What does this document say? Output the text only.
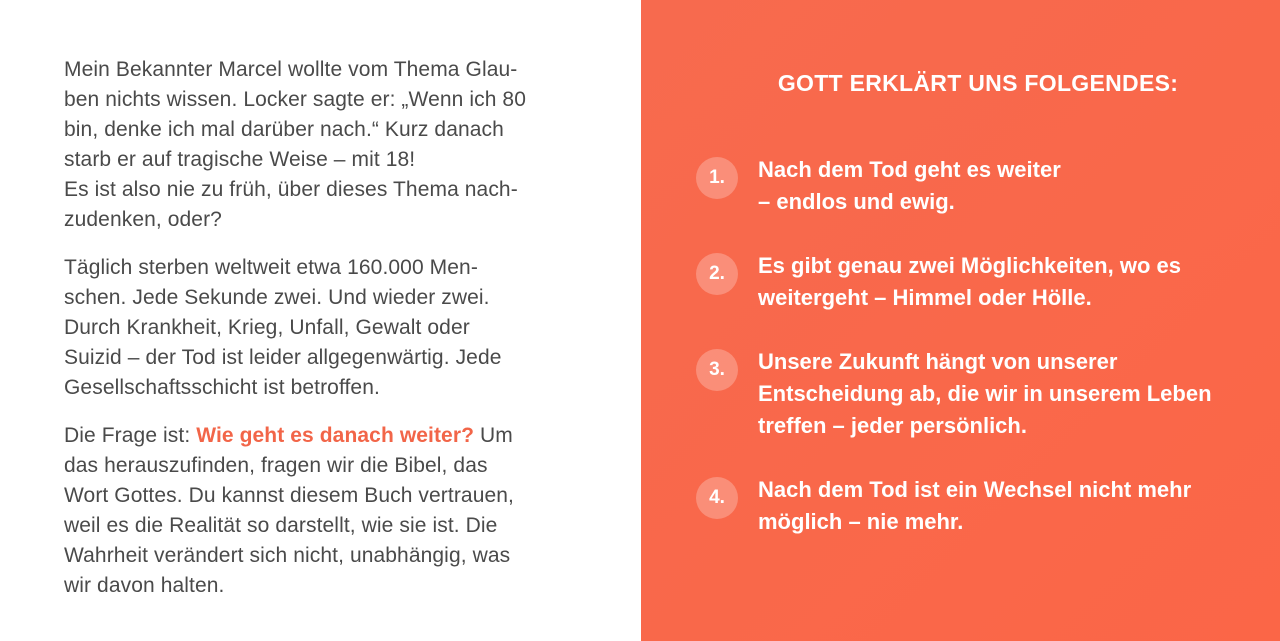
Mein Bekannter Marcel wollte vom Thema Glau-
ben nichts wissen. Locker sagte er: „Wenn ich 80
bin, denke ich mal darüber nach.“ Kurz danach
starb er auf tragische Weise – mit 18!
Es ist also nie zu früh, über dieses Thema nach-
zudenken, oder?

Täglich sterben weltweit etwa 160.000 Men-
schen. Jede Sekunde zwei. Und wieder zwei.
Durch Krankheit, Krieg, Unfall, Gewalt oder
Suizid – der Tod ist leider allgegenwärtig. Jede
Gesellschaftsschicht ist betroffen.

Die Frage ist: Wie geht es danach weiter? Um
das herauszufinden, fragen wir die Bibel, das
Wort Gottes. Du kannst diesem Buch vertrauen,
weil es die Realität so darstellt, wie sie ist. Die
Wahrheit verändert sich nicht, unabhängig, was
wir davon halten.

GOTT ERKLÄRT UNS FOLGENDES:
1.	Nach dem Tod geht es weiter
– endlos und ewig.
2.	Es gibt genau zwei Möglichkeiten, wo es
weitergeht – Himmel oder Hölle.
3.	Unsere Zukunft hängt von unserer
Entscheidung ab, die wir in unserem Leben
treffen – jeder persönlich.
4.	Nach dem Tod ist ein Wechsel nicht mehr
möglich – nie mehr.
